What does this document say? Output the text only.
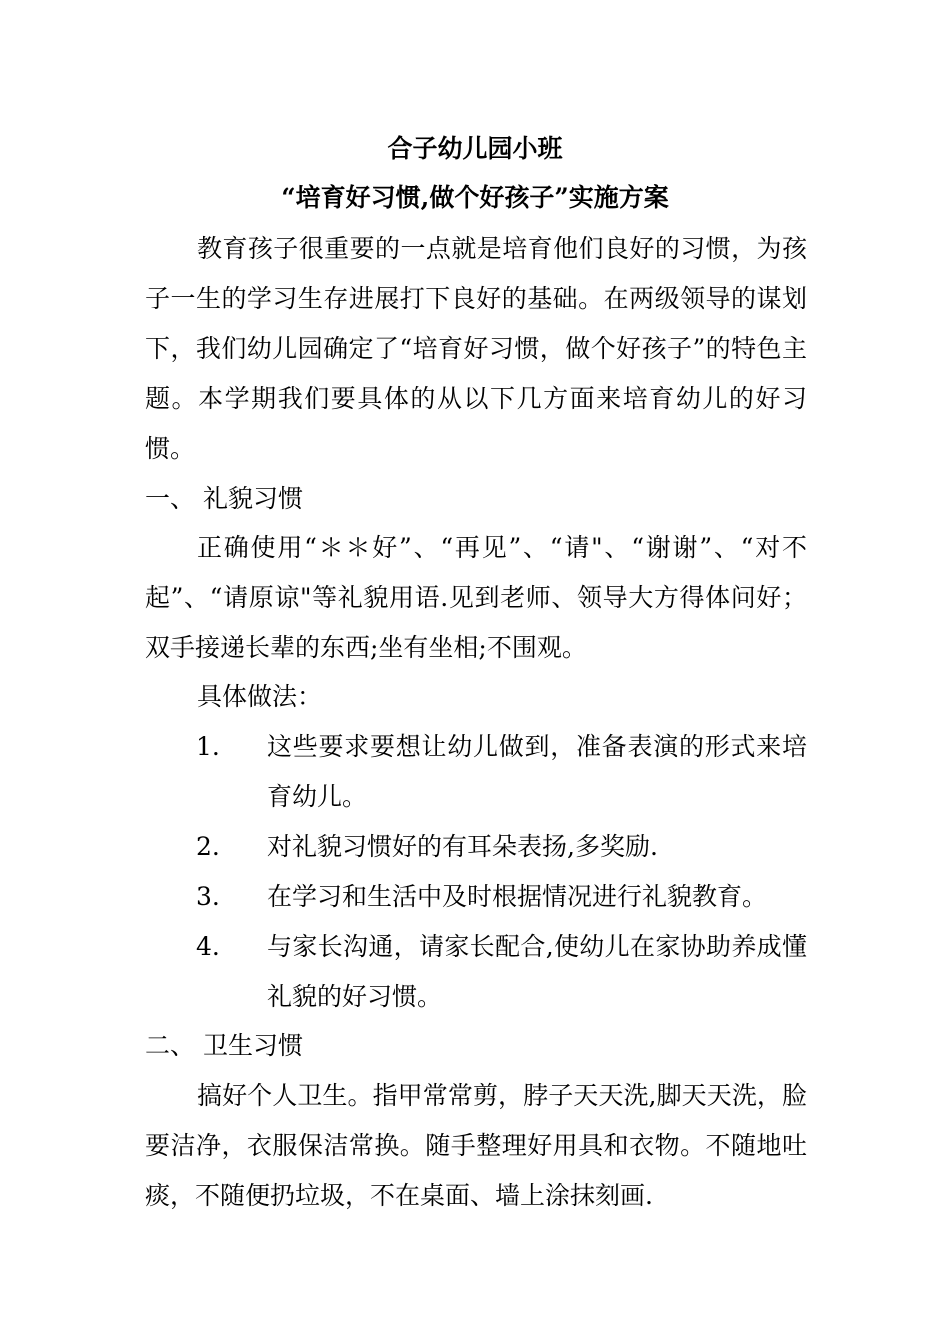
合子幼儿园小班
“培育好习惯,做个好孩子”实施方案
教育孩子很重要的一点就是培育他们良好的习惯，为孩子一生的学习生存进展打下良好的基础。在两级领导的谋划下，我们幼儿园确定了“培育好习惯，做个好孩子”的特色主题。本学期我们要具体的从以下几方面来培育幼儿的好习惯。
一、 礼貌习惯
正确使用“＊＊好”、“再见”、“请"、“谢谢”、“对不起”、“请原谅"等礼貌用语.见到老师、领导大方得体问好；双手接递长辈的东西;坐有坐相;不围观。
具体做法：
1.	这些要求要想让幼儿做到，准备表演的形式来培育幼儿。
2.	对礼貌习惯好的有耳朵表扬,多奖励.
3.	在学习和生活中及时根据情况进行礼貌教育。
4.	与家长沟通，请家长配合,使幼儿在家协助养成懂礼貌的好习惯。
二、 卫生习惯
搞好个人卫生。指甲常常剪，脖子天天洗,脚天天洗，脸要洁净，衣服保洁常换。随手整理好用具和衣物。不随地吐痰，不随便扔垃圾，不在桌面、墙上涂抹刻画.
